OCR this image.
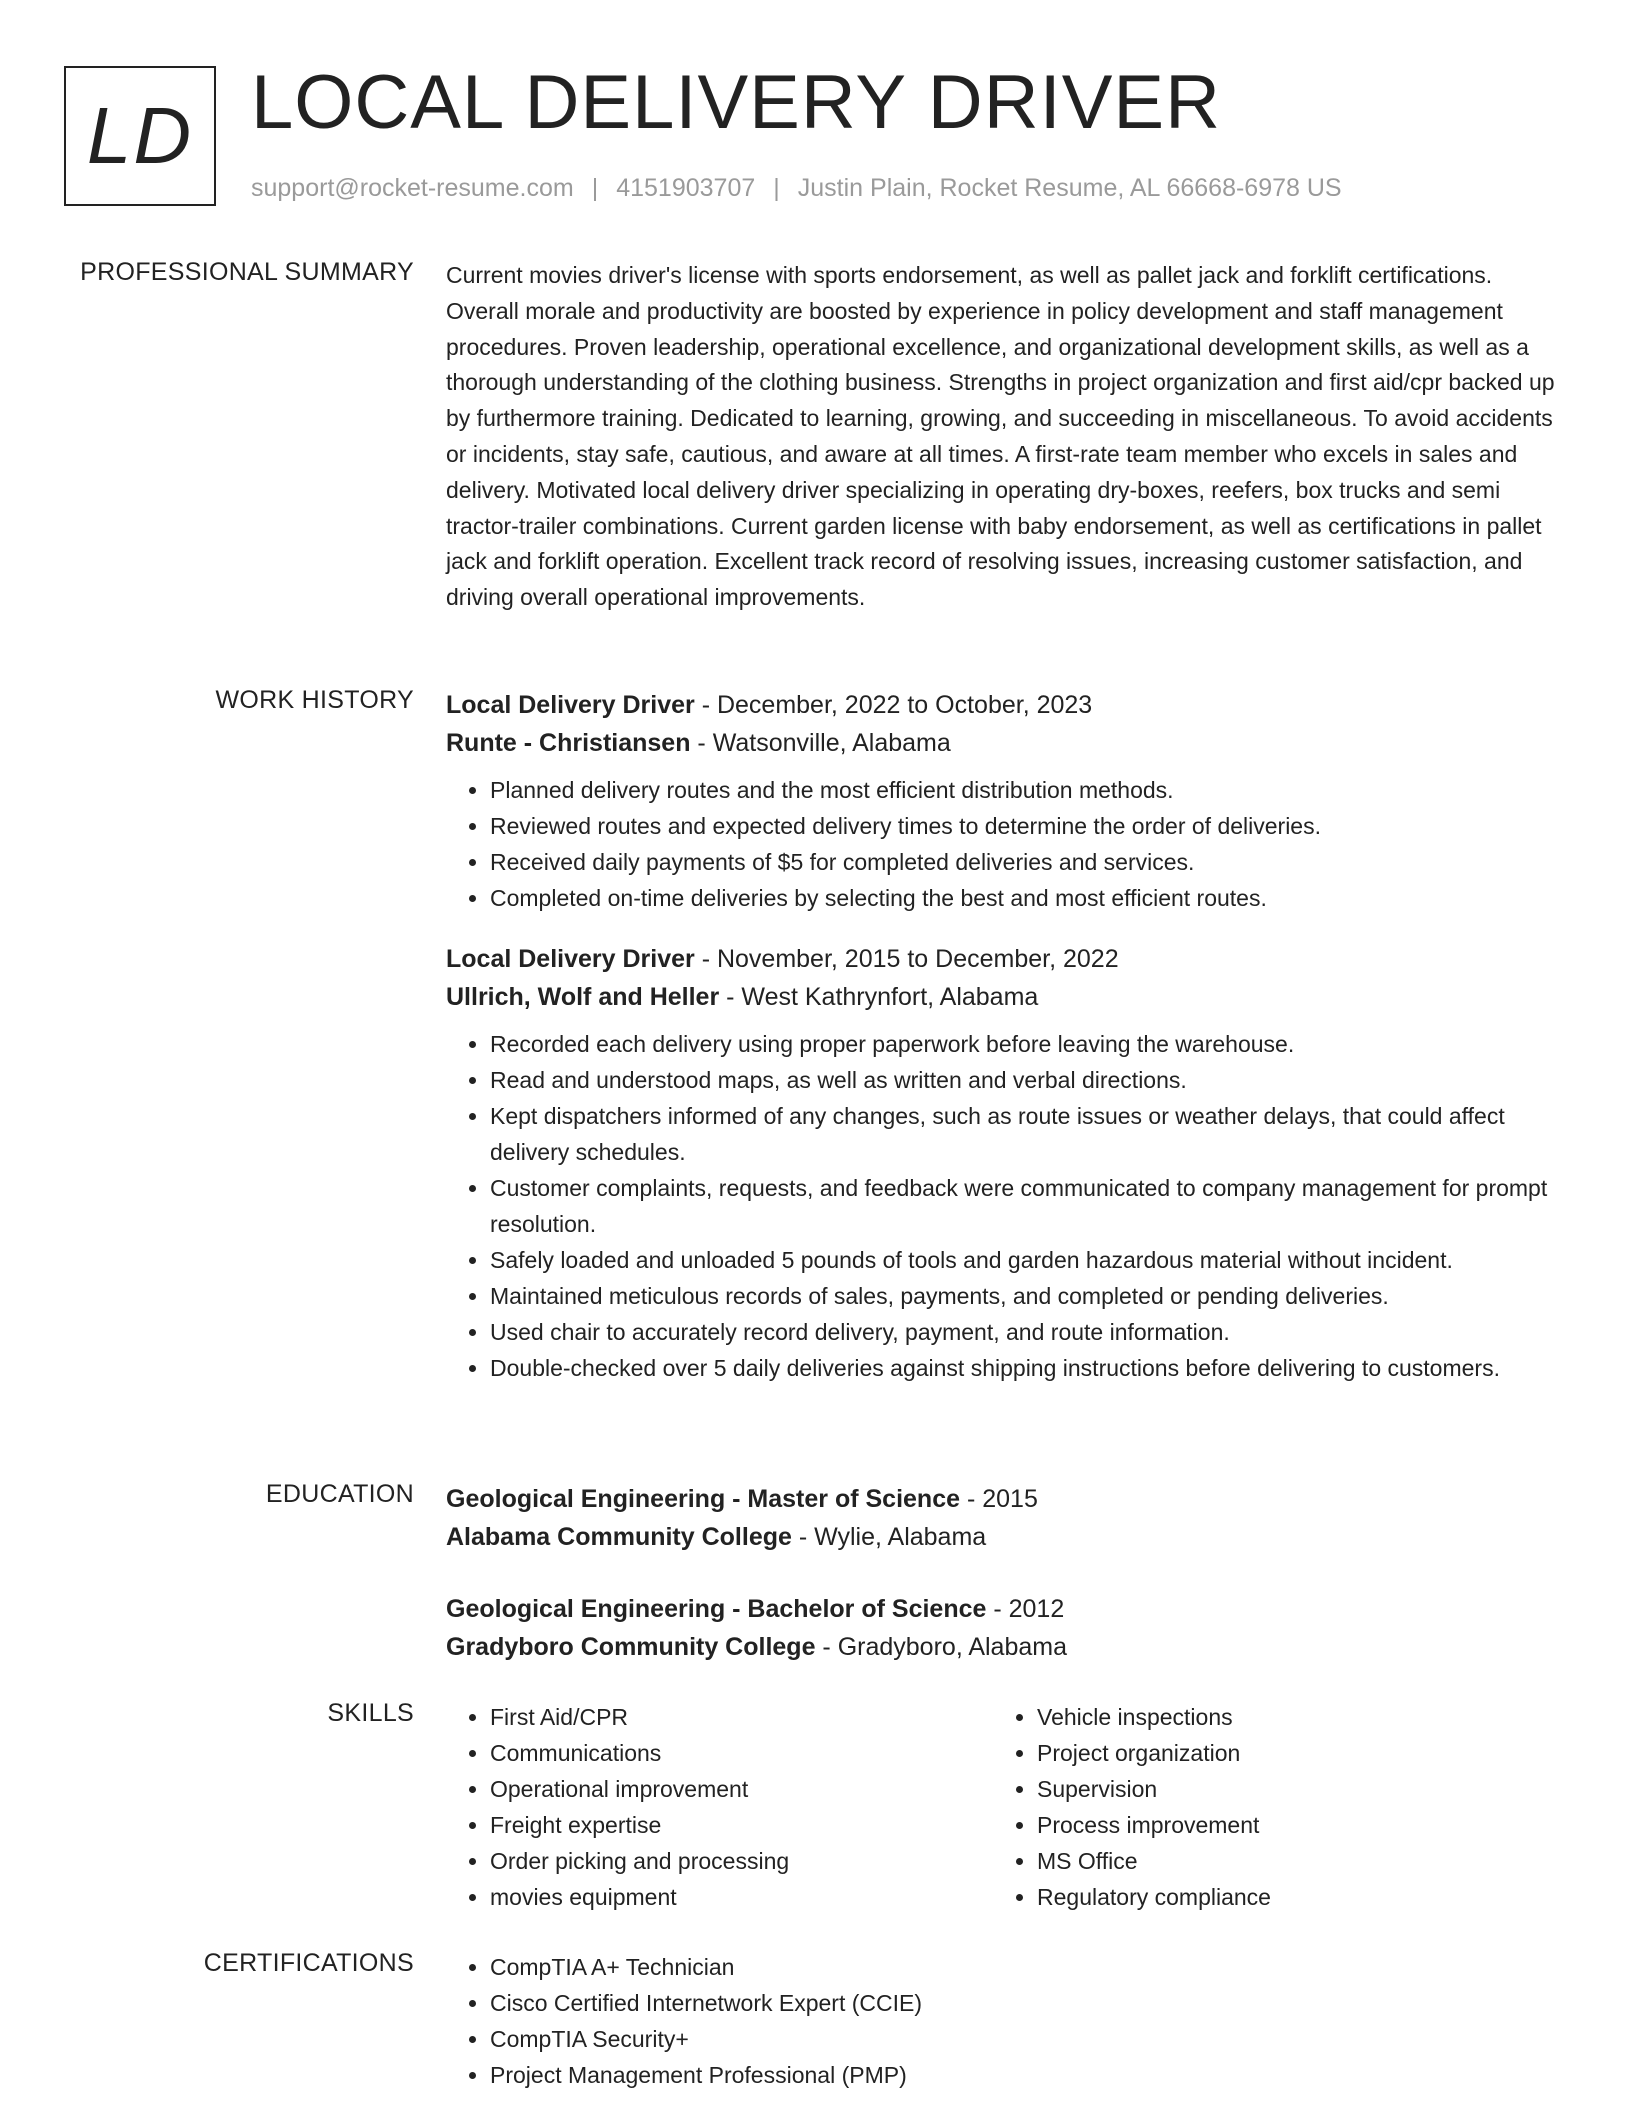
LD LOCAL DELIVERY DRIVER
support@rocket-resume.com | 4151903707 | Justin Plain, Rocket Resume, AL 66668-6978 US
PROFESSIONAL SUMMARY Current movies driver's license with sports endorsement, as well as pallet jack and forklift certifications. Overall morale and productivity are boosted by experience in policy development and staff management procedures. Proven leadership, operational excellence, and organizational development skills, as well as a thorough understanding of the clothing business. Strengths in project organization and first aid/cpr backed up by furthermore training. Dedicated to learning, growing, and succeeding in miscellaneous. To avoid accidents or incidents, stay safe, cautious, and aware at all times. A first-rate team member who excels in sales and delivery. Motivated local delivery driver specializing in operating dry-boxes, reefers, box trucks and semi tractor-trailer combinations. Current garden license with baby endorsement, as well as certifications in pallet jack and forklift operation. Excellent track record of resolving issues, increasing customer satisfaction, and driving overall operational improvements.

WORK HISTORY Local Delivery Driver - December, 2022 to October, 2023
Runte - Christiansen - Watsonville, Alabama
• Planned delivery routes and the most efficient distribution methods.
• Reviewed routes and expected delivery times to determine the order of deliveries.
• Received daily payments of $5 for completed deliveries and services.
• Completed on-time deliveries by selecting the best and most efficient routes.
Local Delivery Driver - November, 2015 to December, 2022
Ullrich, Wolf and Heller - West Kathrynfort, Alabama
• Recorded each delivery using proper paperwork before leaving the warehouse.
• Read and understood maps, as well as written and verbal directions.
• Kept dispatchers informed of any changes, such as route issues or weather delays, that could affect delivery schedules.
• Customer complaints, requests, and feedback were communicated to company management for prompt resolution.
• Safely loaded and unloaded 5 pounds of tools and garden hazardous material without incident.
• Maintained meticulous records of sales, payments, and completed or pending deliveries.
• Used chair to accurately record delivery, payment, and route information.
• Double-checked over 5 daily deliveries against shipping instructions before delivering to customers.
EDUCATION Geological Engineering - Master of Science - 2015
Alabama Community College - Wylie, Alabama
Geological Engineering - Bachelor of Science - 2012
Gradyboro Community College - Gradyboro, Alabama
SKILLS	• First Aid/CPR
• Communications
• Operational improvement
• Freight expertise
• Order picking and processing
• movies equipment
• Vehicle inspections
• Project organization
• Supervision
• Process improvement
• MS Office
• Regulatory compliance
CERTIFICATIONS	• CompTIA A+ Technician
• Cisco Certified Internetwork Expert (CCIE)
• CompTIA Security+
• Project Management Professional (PMP)
